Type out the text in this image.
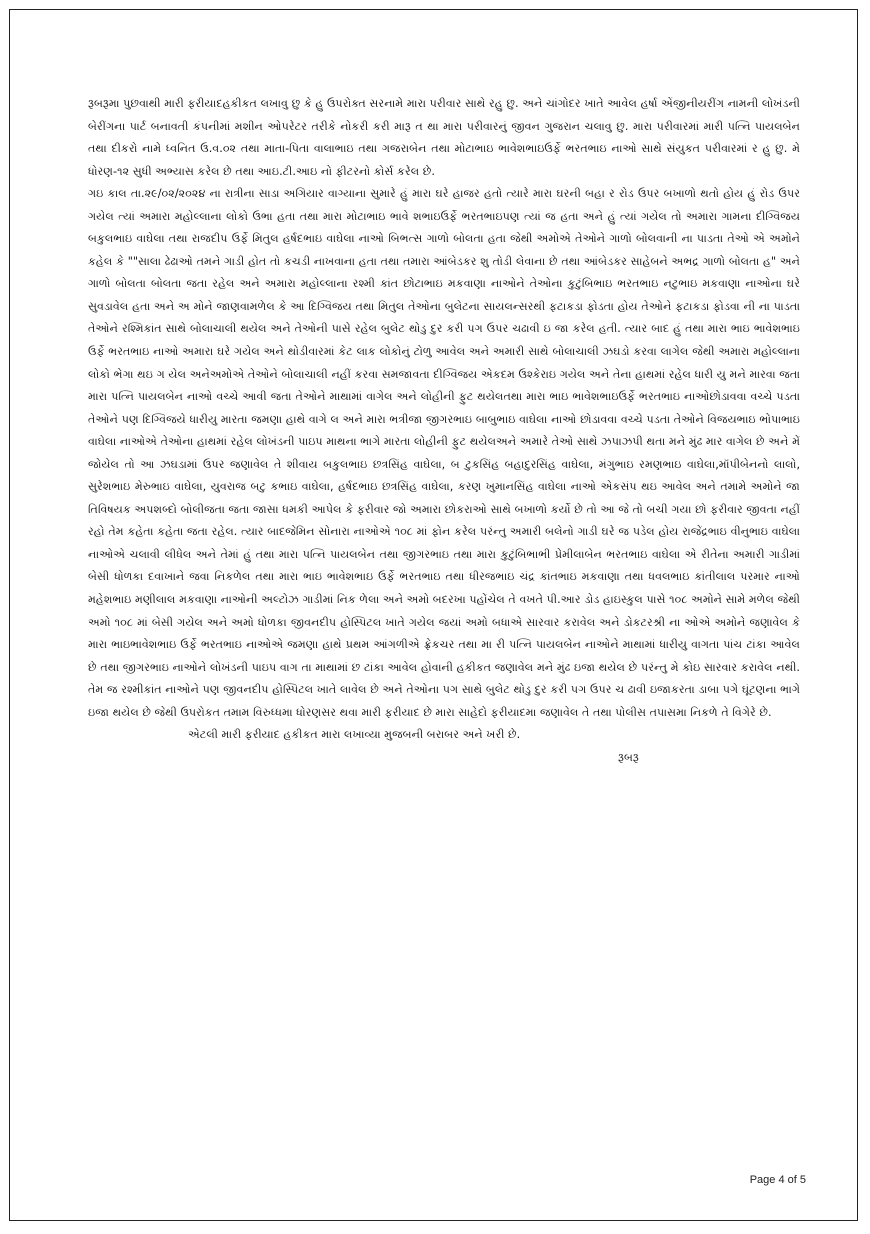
રૂબરૂમા પુછવાથી મારી ફરીયાદહકીકત લખાવુ છુ કે હુ ઉપરોક્ત સરનામે મારા પરીવાર સાથે રહુ છુ. અને ચાંગોદર ખાતે આવેલ હર્ષા એંજીનીયરીંગ નામની લોખંડની બેરીંગના પાર્ટ બનાવતી કંપનીમાં મશીન ઓપરેટર તરીકે નોકરી કરી મારૂ ત થા મારા પરીવારનું જીવન ગુજરાન ચલાવુ છુ. મારા પરીવારમાં મારી પત્નિ પાયલબેન તથા દીકરો નામે ધ્વનિત ઉ.વ.૦૨ તથા માતા-પિતા વાલાભાઇ તથા ગજરાબેન તથા મોટાભાઇ ભાવેશભાઇઉર્ફે ભરતભાઇ નાઓ સાથે સંયુકત પરીવારમાં ર હુ છુ. મે ધોરણ-૧૨ સુધી અભ્યાસ કરેલ છે તથા આઇ.ટી.આઇ નો ફીટરનો કોર્સ કરેલ છે.

ગઇ કાલ તા.૨૯/૦૨/૨૦૨૪ ના રાત્રીના સાડા અગિયાર વાગ્યાના સુમારે હું મારા ઘરે હાજર હતો ત્યારે મારા ઘરની બહા ર રોડ ઉપર બખાળો થતો હોય હું રોડ ઉપર ગયેલ ત્યાં અમારા મહોલ્લાના લોકો ઉભા હતા તથા મારા મોટાભાઇ ભાવે શભાઇઉર્ફે ભરતભાઇપણ ત્યાં જ હતા અને હું ત્યાં ગયેલ તો અમારા ગામના દીગ્વિજય બકુલભાઇ વાઘેલા તથા રાજદીપ ઉર્ફે મિતુલ હર્ષદભાઇ વાઘેલા નાઓ બિભત્સ ગાળો બોલતા હતા જેથી અમોએ તેઓને ગાળો બોલવાની ના પાડતા તેઓ એ અમોને કહેલ કે ""સાલા ઢેઢાઓ તમને ગાડી હોત તો કચડી નાખવાના હતા તથા તમારા આંબેડકર શુ તોડી લેવાના છે તથા આંબેડકર સાહેબને અભદ્ર ગાળો બોલતા હ" અને ગાળો બોલતા બોલતા જતા રહેલ અને અમારા મહોલ્લાના રશ્મી કાંત છોટાભાઇ મકવાણા નાઓને તેઓના કુટુંબિભાઇ ભરતભાઇ નટુભાઇ મકવાણા નાઓના ઘરે સુવડાવેલ હતા અને અ મોને જાણવામળેલ કે આ દિગ્વિજય તથા મિતુલ તેઓના બુલેટના સાયલન્સરથી ફટાકડા ફોડતા હોય તેઓને ફટાકડા ફોડવા ની ના પાડતા તેઓને રશ્મિકાંત સાથે બોલાચાલી થયેલ અને તેઓની પાસે રહેલ બુલેટ થોડુ દુર કરી પગ ઉપર ચઢાવી ઇ જા કરેલ હતી. ત્યાર બાદ હું તથા મારા ભાઇ ભાવેશભાઇ ઉર્ફે ભરતભાઇ નાઓ અમારા ઘરે ગયેલ અને થોડીવારમાં કેટ લાક લોકોનું ટોળુ આવેલ અને અમારી સાથે બોલાચાલી ઝઘડો કરવા લાગેલ જેથી અમારા મહોલ્લાના લોકો ભેગા થઇ ગ યેલ અનેઅમોએ તેઓને બોલાચાલી નહીં કરવા સમજાવતા દીગ્વિજય એકદમ ઉશ્કેરાઇ ગયેલ અને તેના હાથમાં રહેલ ધારી યુ મને મારવા જતા મારા પત્નિ પાયલબેન નાઓ વચ્ચે આવી જતા તેઓને માથામાં વાગેલ અને લોહીની ફુટ થયેલતથા મારા ભાઇ ભાવેશભાઇઉર્ફે ભરતભાઇ નાઓછોડાવવા વચ્ચે પડતા તેઓને પણ દિગ્વિજયે ધારીયુ મારતા જમણા હાથે વાગે લ અને મારા ભત્રીજા જીગરભાઇ બાબુભાઇ વાઘેલા નાઓ છોડાવવા વચ્ચે પડતા તેઓને વિજયભાઇ ભોપાભાઇ વાઘેલા નાઓએ તેઓના હાથમાં રહેલ લોખંડની પાઇપ માથના ભાગે મારતા લોહીની ફુટ થયેલઅને અમારે તેઓ સાથે ઝપાઝપી થતા મને મુંઢ માર વાગેલ છે અને મેં જોયેલ તો આ ઝઘડામાં ઉપર જણાવેલ તે શીવાય બકુલભાઇ છત્રસિંહ વાઘેલા, બ ટુકસિંહ બહાદુરસિંહ વાઘેલા, મંગુભાઇ રમણભાઇ વાઘેલા,મૉંપીબેનનો લાલો, સુરેશભાઇ મેરુભાઇ વાઘેલા, યુવરાજ બટુ કભાઇ વાઘેલા, હર્ષદભાઇ છત્રસિંહ વાઘેલા, કરણ ખુમાનસિંહ વાઘેલા નાઓ એકસંપ થઇ આવેલ અને તમામે અમોને જા તિવિષયક અપશબ્દો બોલીજતા જતા જાસા ધમકી આપેલ કે ફરીવાર જો અમારા છોકરાઓ સાથે બખાળો કર્યો છે તો આ જે તો બચી ગયા છો ફરીવાર જીવતા નહીં રહો તેમ કહેતા કહેતા જતા રહેલ. ત્યાર બાદજેમિન સોનારા નાઓએ ૧૦૮ માં ફોન કરેલ પરંન્તુ અમારી બલેનો ગાડી ઘરે જ પડેલ હોય રાજેંદ્રભાઇ વીનુભાઇ વાઘેલા નાઓએ ચલાવી લીધેલ અને તેમાં હું તથા મારા પત્નિ પાયલબેન તથા જીગરભાઇ તથા મારા કુટુંબિભાભી પ્રેમીલાબેન ભરતભાઇ વાઘેલા એ રીતેના અમારી ગાડીમાં બેસી ધોળકા દવાખાને જવા નિકળેલ તથા મારા ભાઇ ભાવેશભાઇ ઉર્ફે ભરતભાઇ તથા ધીરજભાઇ ચંદ્ર કાંતભાઇ મકવાણા તથા ધવલભાઇ કાંતીલાલ પરમાર નાઓ મહેશભાઇ મણીલાલ મકવાણા નાઓની અલ્ટોઝ ગાડીમાં નિક ળેલા અને અમો બદરખા પહોંચેલ તે વખતે પી.આર ડોડ હાઇસ્કુલ પાસે ૧૦૮ અમોને સામે મળેલ જેથી અમો ૧૦૮ માં બેસી ગયેલ અને અમો ધોળકા જીવનદીપ હોસ્પિટલ ખાતે ગયેલ જયાં અમો બધાએ સારવાર કરાવેલ અને ડોકટરશ્રી ના ઓએ અમોને જણાવેલ કે મારા ભાઇભાવેશભાઇ ઉર્ફે ભરતભાઇ નાઓએ જમણા હાથે પ્રથમ આંગળીએ ફ્રેકચર તથા મા રી પત્નિ પાયલબેન નાઓને માથામાં ધારીયુ વાગતા પાંચ ટાંકા આવેલ છે તથા જીગરભાઇ નાઓને લોખંડની પાઇપ વાગ તા માથામાં છ ટાંકા આવેલ હોવાની હકીકત જણાવેલ મને મુંઢ ઇજા થયેલ છે પરંન્તુ મે કોઇ સારવાર કરાવેલ નથી. તેમ જ રશ્મીકાંત નાઓને પણ જીવનદીપ હોસ્પિટલ ખાતે લાવેલ છે અને તેઓના પગ સાથે બુલેટ થોડુ દુર કરી પગ ઉપર ચ ઢાવી ઇજાકરતા ડાબા પગે ઘૂંટણના ભાગે ઇજા થયેલ છે જેથી ઉપરોકત તમામ વિરુધ્ધમા ધોરણસર થવા મારી ફરીયાદ છે મારા સાહેદો ફરીયાદમા જણાવેલ તે તથા પોલીસ તપાસમા નિકળે તે વિગેરે છે.

એટલી મારી ફરીયાદ હકીકત મારા લખાવ્યા મુજબની બરાબર અને ખરી છે.

રૂબરૂ

Page 4 of 5
